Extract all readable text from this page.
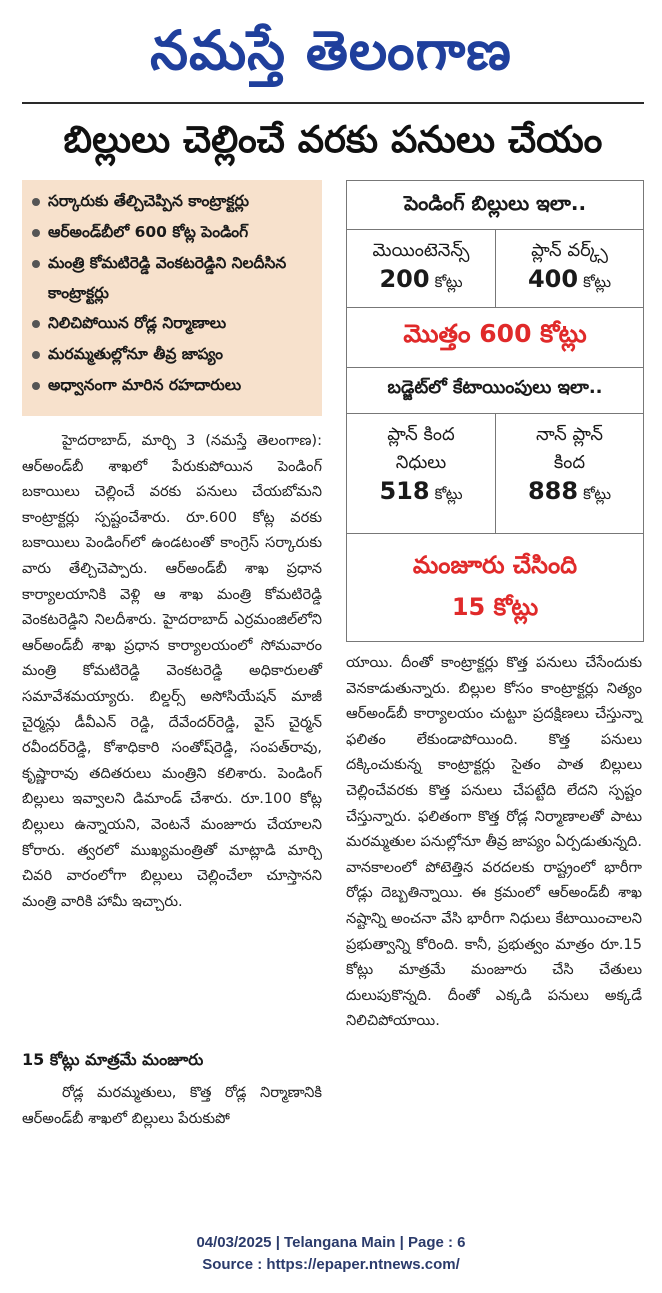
నమస్తే తెలంగాణ
బిల్లులు చెల్లించే వరకు పనులు చేయం
సర్కారుకు తేల్చిచెప్పిన కాంట్రాక్టర్లు
ఆర్‌అండ్‌బీలో 600 కోట్ల పెండింగ్
మంత్రి కోమటిరెడ్డి వెంకటరెడ్డిని నిలదీసిన కాంట్రాక్టర్లు
నిలిచిపోయిన రోడ్ల నిర్మాణాలు
మరమ్మతుల్లోనూ తీవ్ర జాప్యం
అధ్వానంగా మారిన రహదారులు

హైదరాబాద్, మార్చి 3 (నమస్తే తెలంగాణ): ఆర్‌అండ్‌బీ శాఖలో పేరుకుపోయిన పెండింగ్ బకాయిలు చెల్లించే వరకు పనులు చేయబోమని కాంట్రాక్టర్లు స్పష్టంచేశారు. రూ.600 కోట్ల వరకు బకాయిలు పెండింగ్‌లో ఉండటంతో కాంగ్రెస్ సర్కారుకు వారు తేల్చిచెప్పారు. ఆర్‌అండ్‌బీ శాఖ ప్రధాన కార్యాలయానికి వెళ్లి ఆ శాఖ మంత్రి కోమటిరెడ్డి వెంకటరెడ్డిని నిలదీశారు. హైదరాబాద్ ఎర్రమంజిల్‌లోని ఆర్‌అండ్‌బీ శాఖ ప్రధాన కార్యాలయంలో సోమవారం మంత్రి కోమటిరెడ్డి వెంకటరెడ్డి అధికారులతో సమావేశమయ్యారు. బిల్డర్స్ అసోసియేషన్ మాజీ చైర్మన్లు డీవీఎన్ రెడ్డి, దేవేందర్‌రెడ్డి, వైస్ చైర్మన్ రవీందర్‌రెడ్డి, కోశాధికారి సంతోష్‌రెడ్డి, సంపత్‌రావు, కృష్ణారావు తదితరులు మంత్రిని కలిశారు. పెండింగ్ బిల్లులు ఇవ్వాలని డిమాండ్ చేశారు. రూ.100 కోట్ల బిల్లులు ఉన్నాయని, వెంటనే మంజూరు చేయాలని కోరారు. త్వరలో ముఖ్యమంత్రితో మాట్లాడి మార్చి చివరి వారంలోగా బిల్లులు చెల్లించేలా చూస్తానని మంత్రి వారికి హామీ ఇచ్చారు.

15 కోట్లు మాత్రమే మంజూరు

రోడ్ల మరమ్మతులు, కొత్త రోడ్ల నిర్మాణానికి ఆర్‌అండ్‌బీ శాఖలో బిల్లులు పేరుకుపో

పెండింగ్ బిల్లులు ఇలా..
మెయింటెనెన్స్
200 కోట్లు
ప్లాన్ వర్క్స్
400 కోట్లు
మొత్తం 600 కోట్లు
బడ్జెట్‌లో కేటాయింపులు ఇలా..
ప్లాన్ కింద
నిధులు
518 కోట్లు
నాన్ ప్లాన్
కింద
888 కోట్లు
మంజూరు చేసింది
15 కోట్లు

యాయి. దీంతో కాంట్రాక్టర్లు కొత్త పనులు చేసేందుకు వెనకాడుతున్నారు. బిల్లుల కోసం కాంట్రాక్టర్లు నిత్యం ఆర్‌అండ్‌బీ కార్యాలయం చుట్టూ ప్రదక్షిణలు చేస్తున్నా ఫలితం లేకుండాపోయింది. కొత్త పనులు దక్కించుకున్న కాంట్రాక్టర్లు సైతం పాత బిల్లులు చెల్లించేవరకు కొత్త పనులు చేపట్టేది లేదని స్పష్టం చేస్తున్నారు. ఫలితంగా కొత్త రోడ్ల నిర్మాణాలతో పాటు మరమ్మతుల పనుల్లోనూ తీవ్ర జాప్యం ఏర్పడుతున్నది. వానకాలంలో పోటెత్తిన వరదలకు రాష్ట్రంలో భారీగా రోడ్లు దెబ్బతిన్నాయి. ఈ క్రమంలో ఆర్‌అండ్‌బీ శాఖ నష్టాన్ని అంచనా వేసి భారీగా నిధులు కేటాయించాలని ప్రభుత్వాన్ని కోరింది. కానీ, ప్రభుత్వం మాత్రం రూ.15 కోట్లు మాత్రమే మంజూరు చేసి చేతులు దులుపుకొన్నది. దీంతో ఎక్కడి పనులు అక్కడే నిలిచిపోయాయి.

04/03/2025 | Telangana Main | Page : 6
Source : https://epaper.ntnews.com/
